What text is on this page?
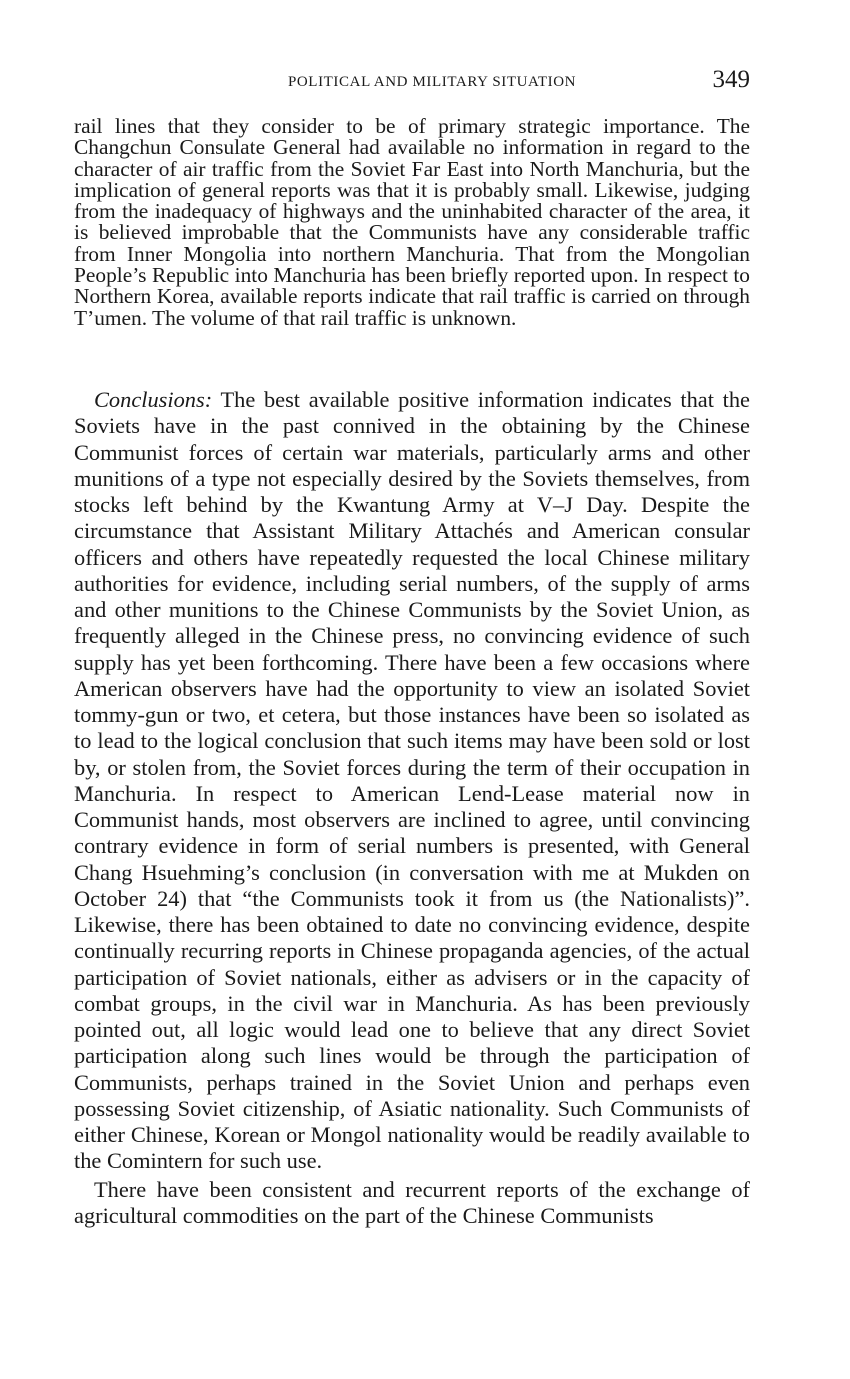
POLITICAL AND MILITARY SITUATION	349

rail lines that they consider to be of primary strategic importance. The Changchun Consulate General had available no information in regard to the character of air traffic from the Soviet Far East into North Manchuria, but the implication of general reports was that it is probably small. Likewise, judging from the inadequacy of highways and the uninhabited character of the area, it is believed improbable that the Communists have any considerable traffic from Inner Mongolia into northern Manchuria. That from the Mongolian People’s Republic into Manchuria has been briefly reported upon. In respect to Northern Korea, available reports indicate that rail traffic is carried on through T’umen. The volume of that rail traffic is unknown.

Conclusions: The best available positive information indicates that the Soviets have in the past connived in the obtaining by the Chinese Communist forces of certain war materials, particularly arms and other munitions of a type not especially desired by the Soviets themselves, from stocks left behind by the Kwantung Army at V–J Day. Despite the circumstance that Assistant Military Attachés and American consular officers and others have repeatedly requested the local Chinese military authorities for evidence, including serial numbers, of the supply of arms and other munitions to the Chinese Communists by the Soviet Union, as frequently alleged in the Chinese press, no convincing evidence of such supply has yet been forthcoming. There have been a few occasions where American observers have had the opportunity to view an isolated Soviet tommy-gun or two, et cetera, but those instances have been so isolated as to lead to the logical conclusion that such items may have been sold or lost by, or stolen from, the Soviet forces during the term of their occupation in Manchuria. In respect to American Lend-Lease material now in Communist hands, most observers are inclined to agree, until convincing contrary evidence in form of serial numbers is presented, with General Chang Hsuehming’s conclusion (in conversation with me at Mukden on October 24) that “the Communists took it from us (the Nationalists)”. Likewise, there has been obtained to date no convincing evidence, despite continually recurring reports in Chinese propaganda agencies, of the actual participation of Soviet nationals, either as advisers or in the capacity of combat groups, in the civil war in Manchuria. As has been previously pointed out, all logic would lead one to believe that any direct Soviet participation along such lines would be through the participation of Communists, perhaps trained in the Soviet Union and perhaps even possessing Soviet citizenship, of Asiatic nationality. Such Communists of either Chinese, Korean or Mongol nationality would be readily available to the Comintern for such use.

There have been consistent and recurrent reports of the exchange of agricultural commodities on the part of the Chinese Communists
